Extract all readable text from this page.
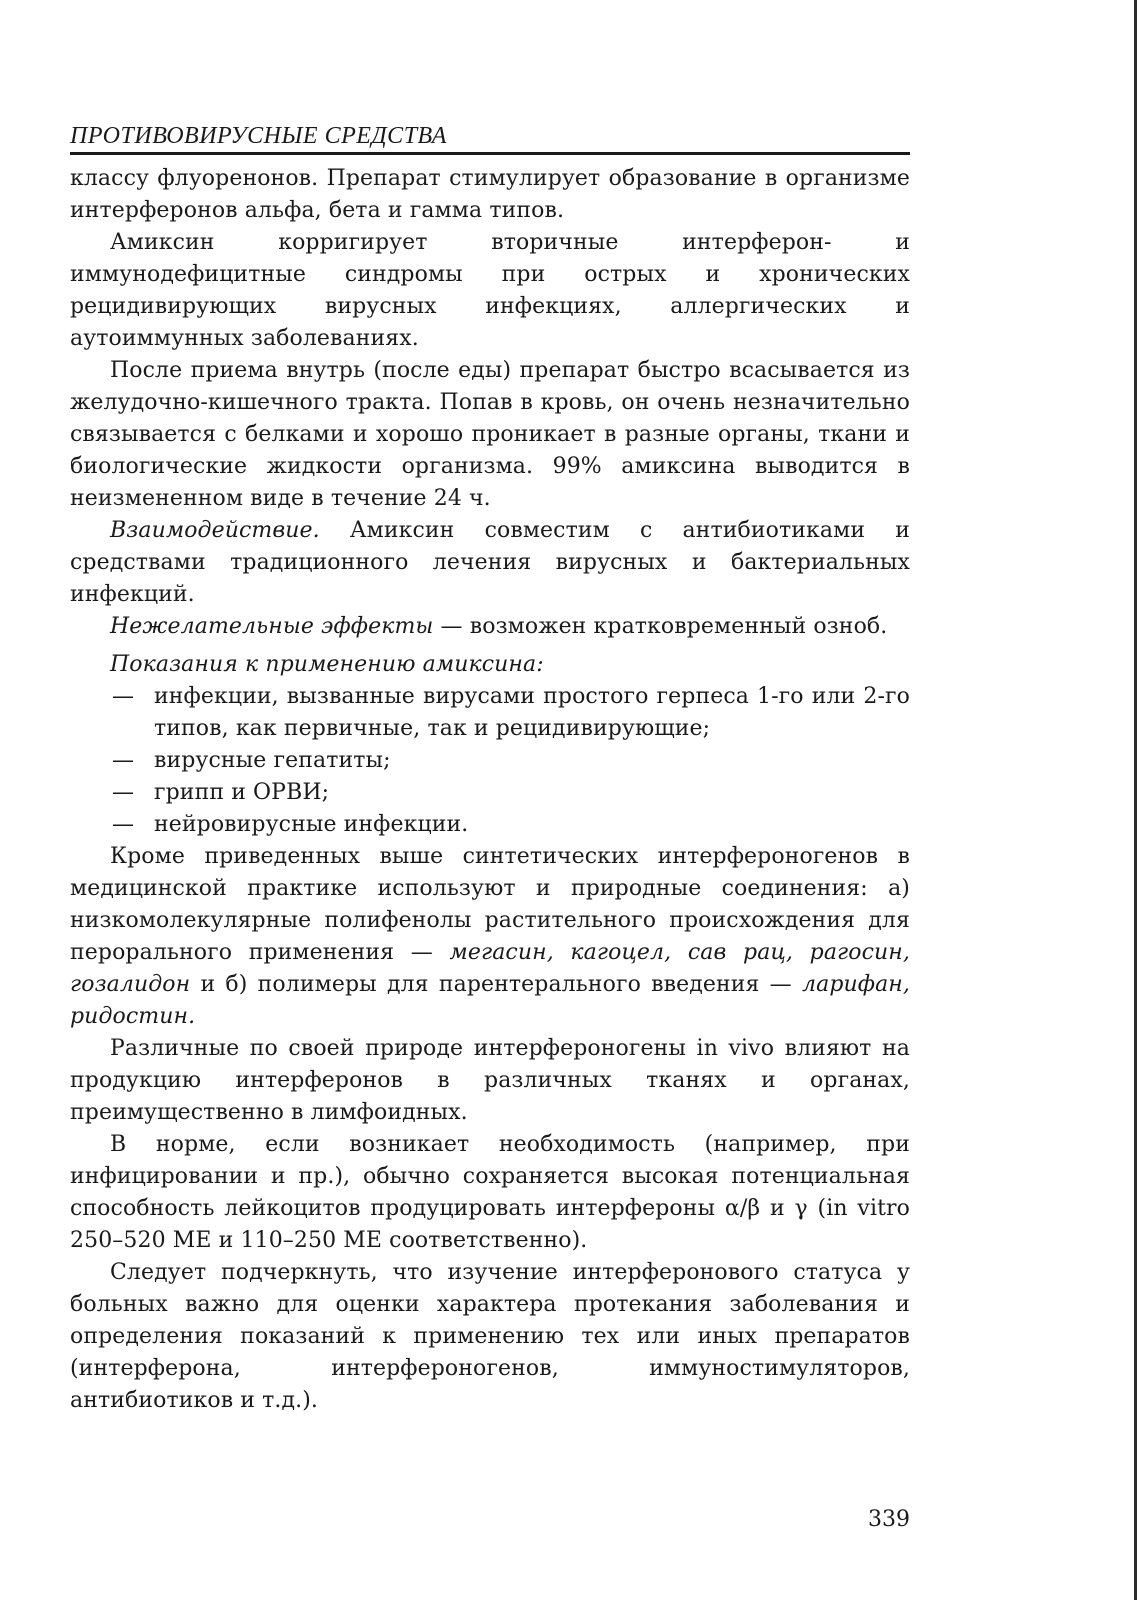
ПРОТИВОВИРУСНЫЕ СРЕДСТВА

классу флуоренонов. Препарат стимулирует образование в организме интерферонов альфа, бета и гамма типов.

Амиксин корригирует вторичные интерферон- и иммунодефицитные синдромы при острых и хронических рецидивирующих вирусных инфекциях, аллергических и аутоиммунных заболеваниях.

После приема внутрь (после еды) препарат быстро всасывается из желудочно-кишечного тракта. Попав в кровь, он очень незначительно связывается с белками и хорошо проникает в разные органы, ткани и биологические жидкости организма. 99% амиксина выводится в неизмененном виде в течение 24 ч.

Взаимодействие. Амиксин совместим с антибиотиками и средствами традиционного лечения вирусных и бактериальных инфекций.

Нежелательные эффекты — возможен кратковременный озноб.

Показания к применению амиксина:

— инфекции, вызванные вирусами простого герпеса 1-го или 2-го типов, как первичные, так и рецидивирующие;
— вирусные гепатиты;
— грипп и ОРВИ;
— нейровирусные инфекции.

Кроме приведенных выше синтетических интерфероногенов в медицинской практике используют и природные соединения: а) низкомолекулярные полифенолы растительного происхождения для перорального применения — мегасин, кагоцел, сав рац, рагосин, гозалидон и б) полимеры для парентерального введения — ларифан, ридостин.

Различные по своей природе интерфероногены in vivo влияют на продукцию интерферонов в различных тканях и органах, преимущественно в лимфоидных.

В норме, если возникает необходимость (например, при инфицировании и пр.), обычно сохраняется высокая потенциальная способность лейкоцитов продуцировать интерфероны α/β и γ (in vitro 250–520 МЕ и 110–250 МЕ соответственно).

Следует подчеркнуть, что изучение интерферонового статуса у больных важно для оценки характера протекания заболевания и определения показаний к применению тех или иных препаратов (интерферона, интерфероногенов, иммуностимуляторов, антибиотиков и т.д.).

339
